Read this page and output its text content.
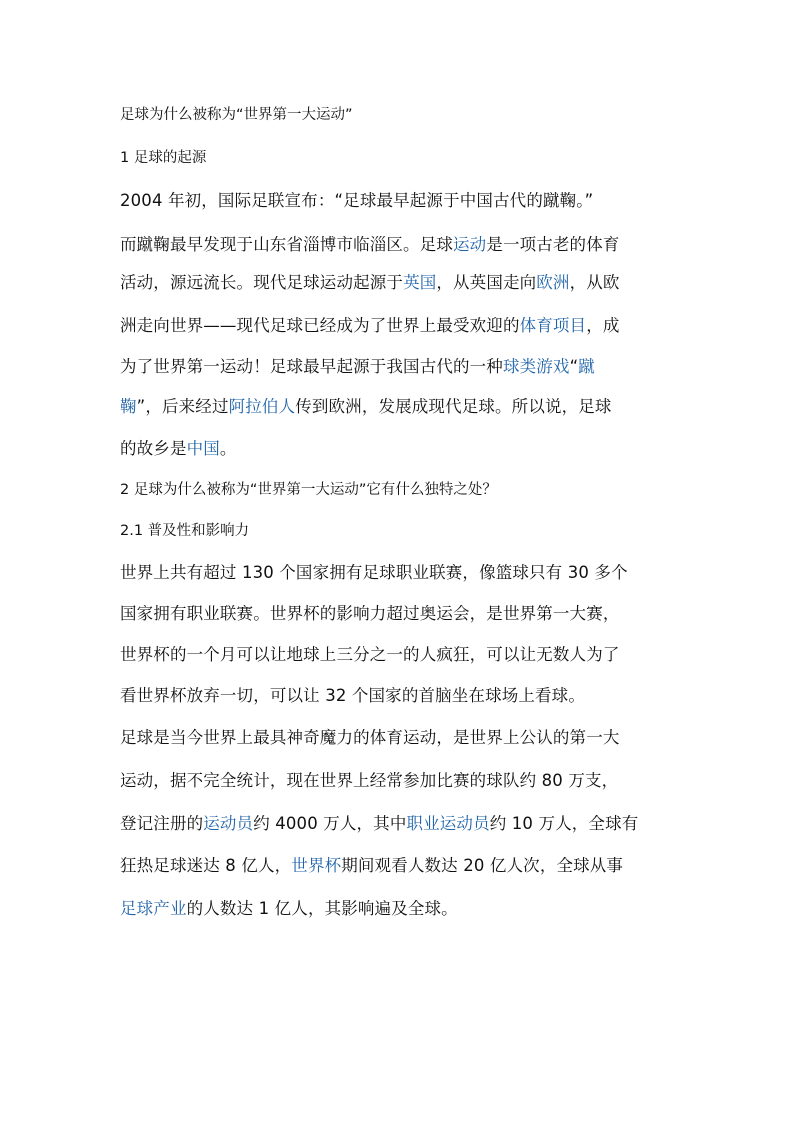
足球为什么被称为“世界第一大运动”
1 足球的起源
2004 年初，国际足联宣布：“足球最早起源于中国古代的蹴鞠。”
而蹴鞠最早发现于山东省淄博市临淄区。足球运动是一项古老的体育
活动，源远流长。现代足球运动起源于英国，从英国走向欧洲，从欧
洲走向世界——现代足球已经成为了世界上最受欢迎的体育项目，成
为了世界第一运动！足球最早起源于我国古代的一种球类游戏“蹴
鞠”，后来经过阿拉伯人传到欧洲，发展成现代足球。所以说，足球
的故乡是中国。
2 足球为什么被称为“世界第一大运动”它有什么独特之处？
2.1 普及性和影响力
世界上共有超过 130 个国家拥有足球职业联赛，像篮球只有 30 多个
国家拥有职业联赛。世界杯的影响力超过奥运会，是世界第一大赛，
世界杯的一个月可以让地球上三分之一的人疯狂，可以让无数人为了
看世界杯放弃一切，可以让 32 个国家的首脑坐在球场上看球。
足球是当今世界上最具神奇魔力的体育运动，是世界上公认的第一大
运动，据不完全统计，现在世界上经常参加比赛的球队约 80 万支，
登记注册的运动员约 4000 万人，其中职业运动员约 10 万人，全球有
狂热足球迷达 8 亿人，世界杯期间观看人数达 20 亿人次，全球从事
足球产业的人数达 1 亿人，其影响遍及全球。
